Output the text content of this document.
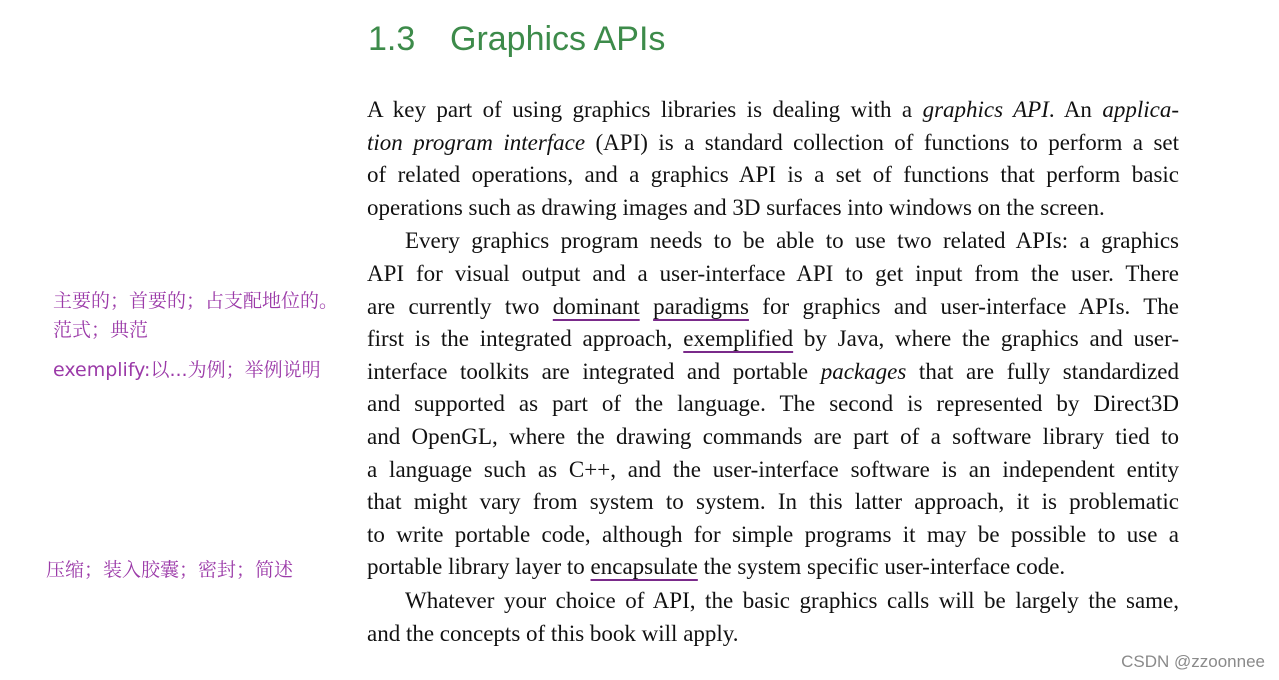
1.3 Graphics APIs

A key part of using graphics libraries is dealing with a graphics API. An applica-

tion program interface (API) is a standard collection of functions to perform a set

of related operations, and a graphics API is a set of functions that perform basic

operations such as drawing images and 3D surfaces into windows on the screen.

Every graphics program needs to be able to use two related APIs: a graphics

API for visual output and a user-interface API to get input from the user. There

are currently two dominant paradigms for graphics and user-interface APIs. The

first is the integrated approach, exemplified by Java, where the graphics and user-

interface toolkits are integrated and portable packages that are fully standardized

and supported as part of the language. The second is represented by Direct3D

and OpenGL, where the drawing commands are part of a software library tied to

a language such as C++, and the user-interface software is an independent entity

that might vary from system to system. In this latter approach, it is problematic

to write portable code, although for simple programs it may be possible to use a

portable library layer to encapsulate the system specific user-interface code.

Whatever your choice of API, the basic graphics calls will be largely the same,

and the concepts of this book will apply.

主要的；首要的；占支配地位的。
范式；典范
exemplify:以...为例；举例说明
压缩；装入胶囊；密封；简述
CSDN @zzoonnee
